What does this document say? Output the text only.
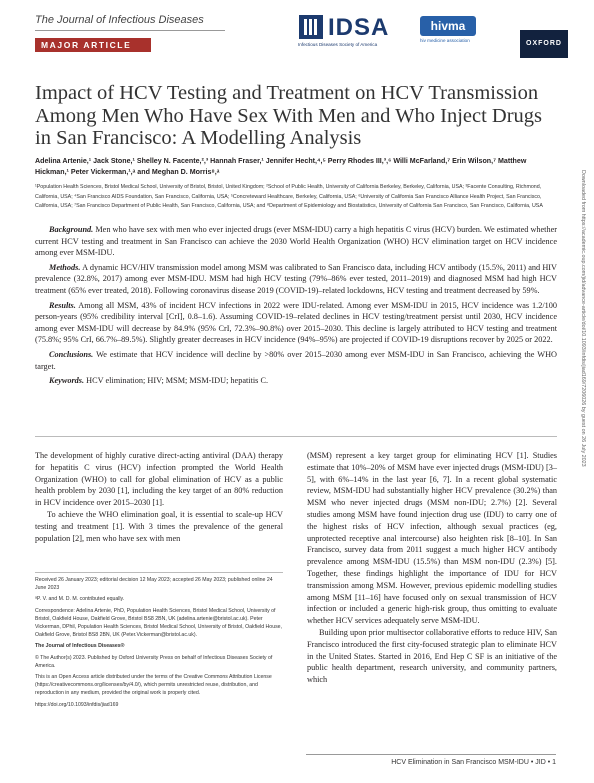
The Journal of Infectious Diseases
MAJOR ARTICLE
IDSA
Infectious Diseases Society of America
hivma
hiv medicine association	OXFORD
Impact of HCV Testing and Treatment on HCV Transmission Among Men Who Have Sex With Men and Who Inject Drugs in San Francisco: A Modelling Analysis
Adelina Artenie,¹ Jack Stone,¹ Shelley N. Facente,²,³ Hannah Fraser,¹ Jennifer Hecht,⁴,⁵ Perry Rhodes III,³,⁶ Willi McFarland,⁷ Erin Wilson,⁷ Matthew Hickman,¹ Peter Vickerman,¹,ᵃ and Meghan D. Morris⁸,ᵃ
¹Population Health Sciences, Bristol Medical School, University of Bristol, Bristol, United Kingdom; ²School of Public Health, University of California Berkeley, Berkeley, California, USA; ³Facente Consulting, Richmond, California, USA; ⁴San Francisco AIDS Foundation, San Francisco, California, USA; ⁵Concreteward Healthcare, Berkeley, California, USA; ⁶University of California San Francisco Alliance Health Project, San Francisco, California, USA; ⁷San Francisco Department of Public Health, San Francisco, California, USA; and ⁸Department of Epidemiology and Biostatistics, University of California San Francisco, San Francisco, California, USA

Background. Men who have sex with men who ever injected drugs (ever MSM-IDU) carry a high hepatitis C virus (HCV) burden. We estimated whether current HCV testing and treatment in San Francisco can achieve the 2030 World Health Organization (WHO) HCV elimination target on HCV incidence among ever MSM-IDU.

Methods. A dynamic HCV/HIV transmission model among MSM was calibrated to San Francisco data, including HCV antibody (15.5%, 2011) and HIV prevalence (32.8%, 2017) among ever MSM-IDU. MSM had high HCV testing (79%–86% ever tested, 2011–2019) and diagnosed MSM had high HCV treatment (65% ever treated, 2018). Following coronavirus disease 2019 (COVID-19)–related lockdowns, HCV testing and treatment decreased by 59%.

Results. Among all MSM, 43% of incident HCV infections in 2022 were IDU-related. Among ever MSM-IDU in 2015, HCV incidence was 1.2/100 person-years (95% credibility interval [CrI], 0.8–1.6). Assuming COVID-19–related declines in HCV testing/treatment persist until 2030, HCV incidence among ever MSM-IDU will decrease by 84.9% (95% CrI, 72.3%–90.8%) over 2015–2030. This decline is largely attributed to HCV testing and treatment (75.8%; 95% CrI, 66.7%–89.5%). Slightly greater decreases in HCV incidence (94%–95%) are projected if COVID-19 disruptions recover by 2025 or 2022.

Conclusions. We estimate that HCV incidence will decline by >80% over 2015–2030 among ever MSM-IDU in San Francisco, achieving the WHO target.

Keywords. HCV elimination; HIV; MSM; MSM-IDU; hepatitis C.

The development of highly curative direct-acting antiviral (DAA) therapy for hepatitis C virus (HCV) infection prompted the World Health Organization (WHO) to call for global elimination of HCV as a public health problem by 2030 [1], including the key target of an 80% reduction in HCV incidence over 2015–2030 [1].

To achieve the WHO elimination goal, it is essential to scale-up HCV testing and treatment [1]. With 3 times the prevalence of the general population [2], men who have sex with men

(MSM) represent a key target group for eliminating HCV [1]. Studies estimate that 10%–20% of MSM have ever injected drugs (MSM-IDU) [3–5], with 6%–14% in the last year [6, 7]. In a recent global systematic review, MSM-IDU had substantially higher HCV prevalence (30.2%) than MSM who never injected drugs (MSM non-IDU; 2.7%) [2]. Several studies among MSM have found injection drug use (IDU) to carry one of the highest risks of HCV infection, although sexual practices (eg, unprotected receptive anal intercourse) also heighten risk [8–10]. In San Francisco, survey data from 2011 suggest a much higher HCV antibody prevalence among MSM-IDU (15.5%) than MSM non-IDU (2.3%) [5]. Together, these findings highlight the importance of IDU for HCV transmission among MSM. However, previous epidemic modelling studies among MSM [11–16] have focused only on sexual transmission of HCV infection or included a generic high-risk group, thus omitting to evaluate whether HCV services adequately serve MSM-IDU.

Building upon prior multisector collaborative efforts to reduce HIV, San Francisco introduced the first city-focused strategic plan to eliminate HCV in the United States. Started in 2016, End Hep C SF is an initiative of the public health department, research university, and community partners, which

Received 26 January 2023; editorial decision 12 May 2023; accepted 26 May 2023; published online 24 June 2023

ᵃP. V. and M. D. M. contributed equally.

Correspondence: Adelina Artenie, PhD, Population Health Sciences, Bristol Medical School, University of Bristol, Oakfield House, Oakfield Grove, Bristol BS8 2BN, UK (adelina.artenie@bristol.ac.uk). Peter Vickerman, DPhil, Population Health Sciences, Bristol Medical School, University of Bristol, Oakfield House, Oakfield Grove, Bristol BS8 2BN, UK (Peter.Vickerman@bristol.ac.uk).

The Journal of Infectious Diseases®

© The Author(s) 2023. Published by Oxford University Press on behalf of Infectious Diseases Society of America.

This is an Open Access article distributed under the terms of the Creative Commons Attribution License (https://creativecommons.org/licenses/by/4.0/), which permits unrestricted reuse, distribution, and reproduction in any medium, provided the original work is properly cited.

https://doi.org/10.1093/infdis/jiad169

HCV Elimination in San Francisco MSM-IDU • JID • 1
Downloaded from https://academic.oup.com/jid/advance-article/doi/10.1093/infdis/jiad169/7206026 by guest on 26 July 2023
